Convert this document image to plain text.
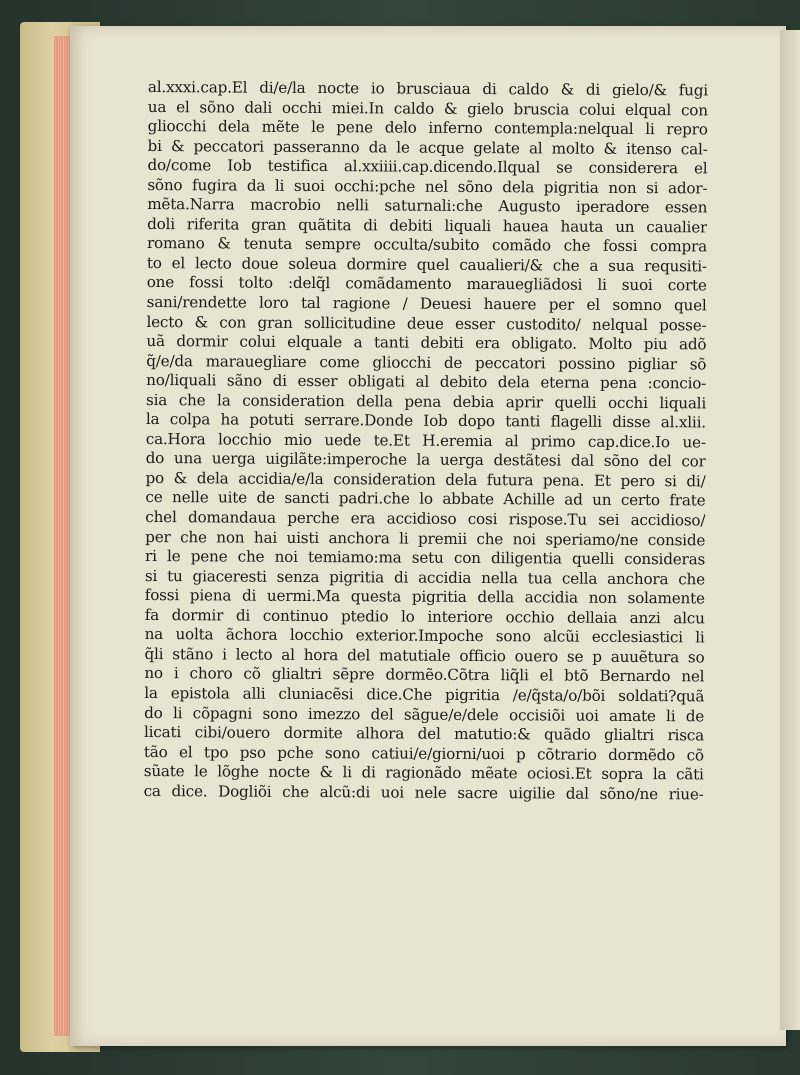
al.xxxi.cap.El di/e/la nocte io brusciaua di caldo & di gielo/& fugi
ua el sõno dali occhi miei.In caldo & gielo bruscia colui elqual con
gliocchi dela mẽte le pene delo inferno contempla:nelqual li repro
bi & peccatori passeranno da le acque gelate al molto & itenso cal-
do/come Iob testifica al.xxiiii.cap.dicendo.Ilqual se considerera el
sõno fugira da li suoi occhi:pche nel sõno dela pigritia non si ador-
mẽta.Narra macrobio nelli saturnali:che Augusto iperadore essen
doli riferita gran quãtita di debiti liquali hauea hauta un caualier
romano & tenuta sempre occulta/subito comãdo che fossi compra
to el lecto doue soleua dormire quel caualieri/& che a sua requsiti-
one fossi tolto :delq̃l comãdamento marauegliãdosi li suoi corte
sani/rendette loro tal ragione / Deuesi hauere per el somno quel
lecto & con gran sollicitudine deue esser custodito/ nelqual posse-
uã dormir colui elquale a tanti debiti era obligato. Molto piu adõ
q̃/e/da marauegliare come gliocchi de peccatori possino pigliar sõ
no/liquali sãno di esser obligati al debito dela eterna pena :concio-
sia che la consideration della pena debia aprir quelli occhi liquali
la colpa ha potuti serrare.Donde Iob dopo tanti flagelli disse al.xlii.
ca.Hora locchio mio uede te.Et H.eremia al primo cap.dice.Io ue-
do una uerga uigilãte:imperoche la uerga destãtesi dal sõno del cor
po & dela accidia/e/la consideration dela futura pena. Et pero si di/
ce nelle uite de sancti padri.che lo abbate Achille ad un certo frate
chel domandaua perche era accidioso cosi rispose.Tu sei accidioso/
per che non hai uisti anchora li premii che noi speriamo/ne conside
ri le pene che noi temiamo:ma setu con diligentia quelli consideras
si tu giaceresti senza pigritia di accidia nella tua cella anchora che
fossi piena di uermi.Ma questa pigritia della accidia non solamente
fa dormir di continuo ptedio lo interiore occhio dellaia anzi alcu
na uolta ãchora locchio exterior.Impoche sono alcũi ecclesiastici li
q̃li stãno i lecto al hora del matutiale officio ouero se p auuẽtura so
no i choro cõ glialtri sẽpre dormẽo.Cõtra liq̃li el btõ Bernardo nel
la epistola alli cluniacẽsi dice.Che pigritia /e/q̃sta/o/bõi soldati?quã
do li cõpagni sono imezzo del sãgue/e/dele occisiõi uoi amate li de
licati cibi/ouero dormite alhora del matutio:& quãdo glialtri risca
tão el tpo pso pche sono catiui/e/giorni/uoi p cõtrario dormẽdo cõ
sũate le lõghe nocte & li di ragionãdo mẽate ociosi.Et sopra la cãti
ca dice. Dogliõi che alcũ:di uoi nele sacre uigilie dal sõno/ne riue-
